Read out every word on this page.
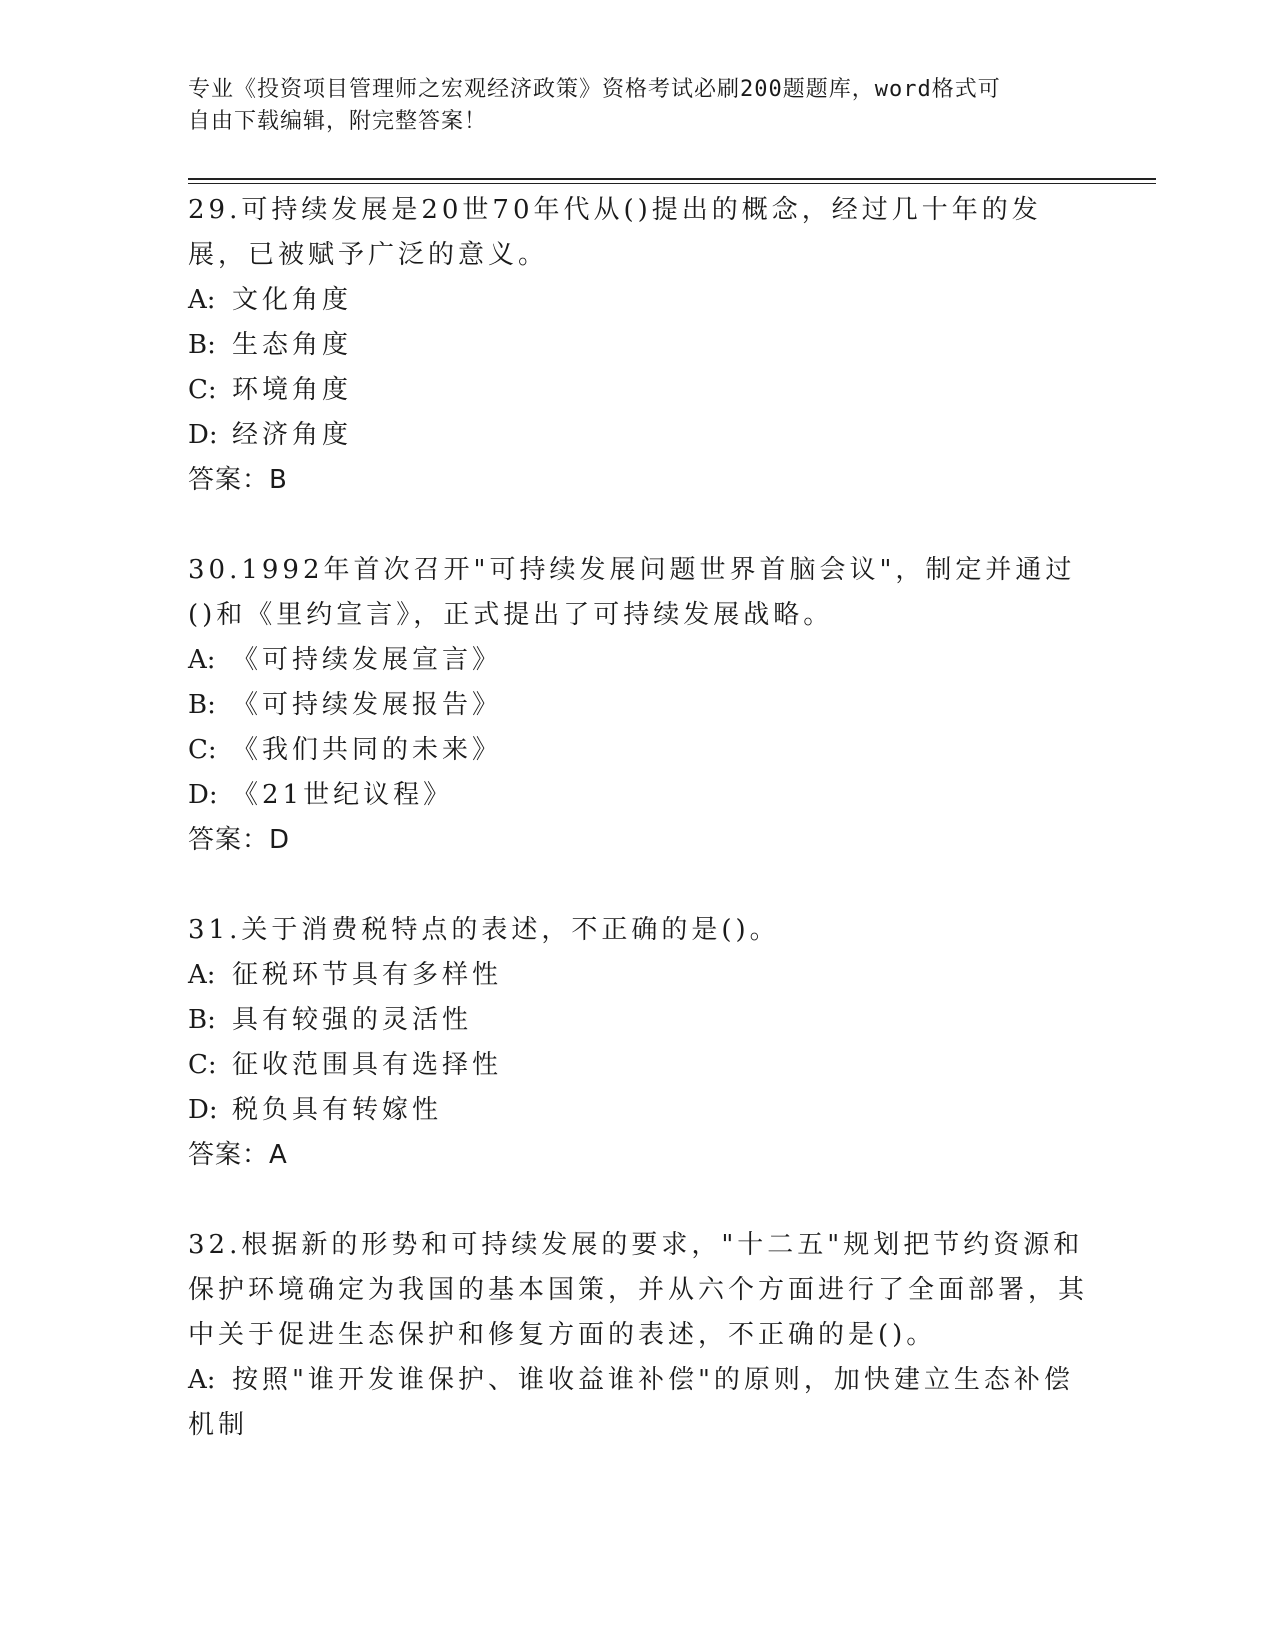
专业《投资项目管理师之宏观经济政策》资格考试必刷200题题库，word格式可
自由下载编辑，附完整答案！

29.可持续发展是20世70年代从()提出的概念，经过几十年的发展，已被赋予广泛的意义。

A: 文化角度

B: 生态角度

C: 环境角度

D: 经济角度

答案：B

30.1992年首次召开"可持续发展问题世界首脑会议"，制定并通过()和《里约宣言》，正式提出了可持续发展战略。

A: 《可持续发展宣言》

B: 《可持续发展报告》

C: 《我们共同的未来》

D: 《21世纪议程》

答案：D

31.关于消费税特点的表述，不正确的是()。

A: 征税环节具有多样性

B: 具有较强的灵活性

C: 征收范围具有选择性

D: 税负具有转嫁性

答案：A

32.根据新的形势和可持续发展的要求，"十二五"规划把节约资源和保护环境确定为我国的基本国策，并从六个方面进行了全面部署，其中关于促进生态保护和修复方面的表述，不正确的是()。

A: 按照"谁开发谁保护、谁收益谁补偿"的原则，加快建立生态补偿机制
